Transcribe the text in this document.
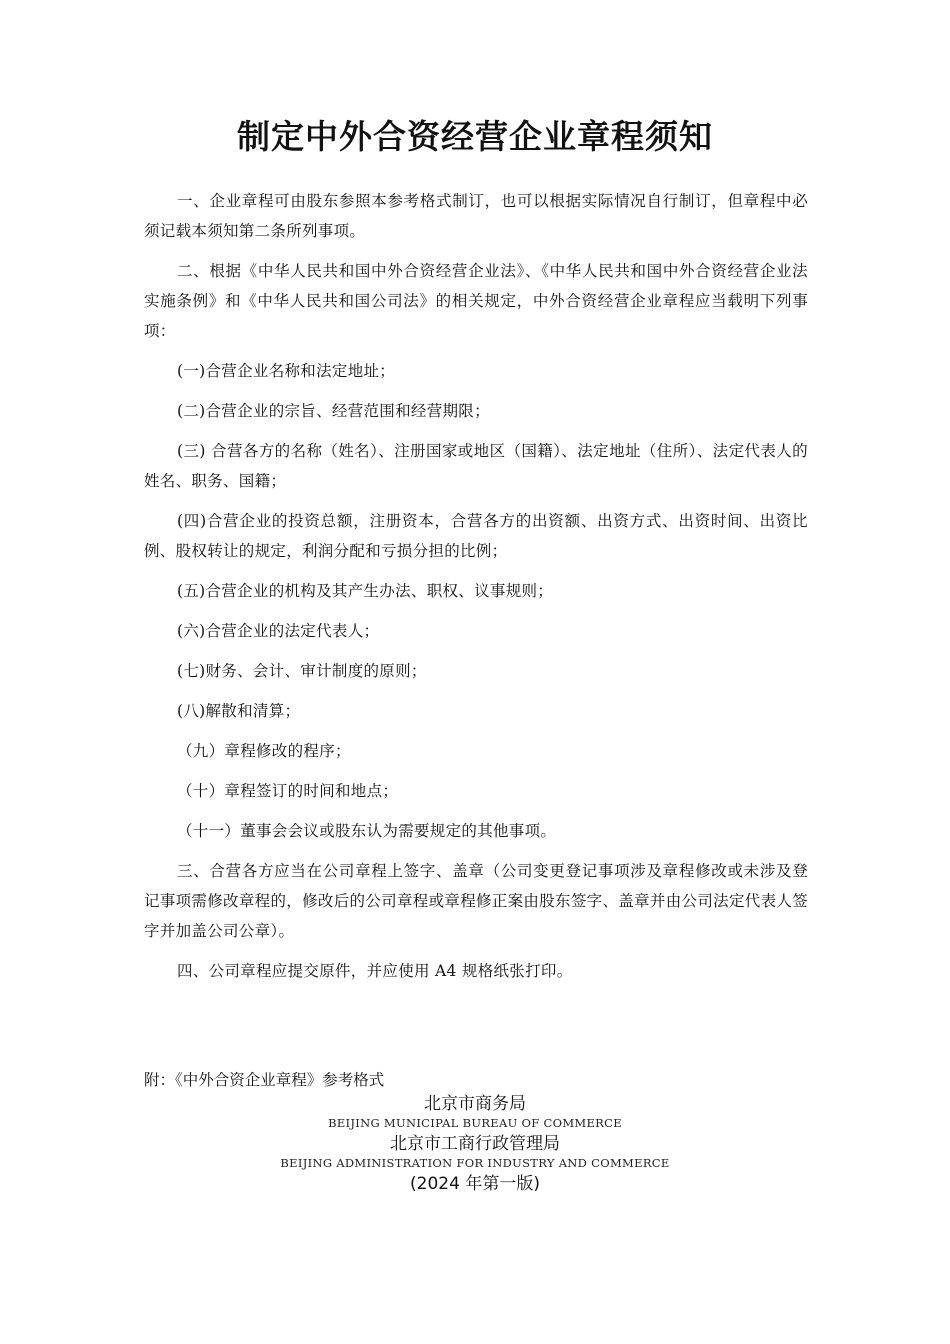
制定中外合资经营企业章程须知

一、企业章程可由股东参照本参考格式制订，也可以根据实际情况自行制订，但章程中必须记载本须知第二条所列事项。

二、根据《中华人民共和国中外合资经营企业法》、《中华人民共和国中外合资经营企业法实施条例》和《中华人民共和国公司法》的相关规定，中外合资经营企业章程应当载明下列事项：

(一)合营企业名称和法定地址；

(二)合营企业的宗旨、经营范围和经营期限；

(三) 合营各方的名称（姓名）、注册国家或地区（国籍）、法定地址（住所）、法定代表人的姓名、职务、国籍；

(四)合营企业的投资总额，注册资本，合营各方的出资额、出资方式、出资时间、出资比例、股权转让的规定，利润分配和亏损分担的比例；

(五)合营企业的机构及其产生办法、职权、议事规则；

(六)合营企业的法定代表人；

(七)财务、会计、审计制度的原则；

(八)解散和清算；

（九）章程修改的程序；

（十）章程签订的时间和地点；

（十一）董事会会议或股东认为需要规定的其他事项。

三、合营各方应当在公司章程上签字、盖章（公司变更登记事项涉及章程修改或未涉及登记事项需修改章程的，修改后的公司章程或章程修正案由股东签字、盖章并由公司法定代表人签字并加盖公司公章）。

四、公司章程应提交原件，并应使用 A4 规格纸张打印。

附：《中外合资企业章程》参考格式

北京市商务局

BEIJING MUNICIPAL BUREAU OF COMMERCE

北京市工商行政管理局

BEIJING ADMINISTRATION FOR INDUSTRY AND COMMERCE

(2024 年第一版)
